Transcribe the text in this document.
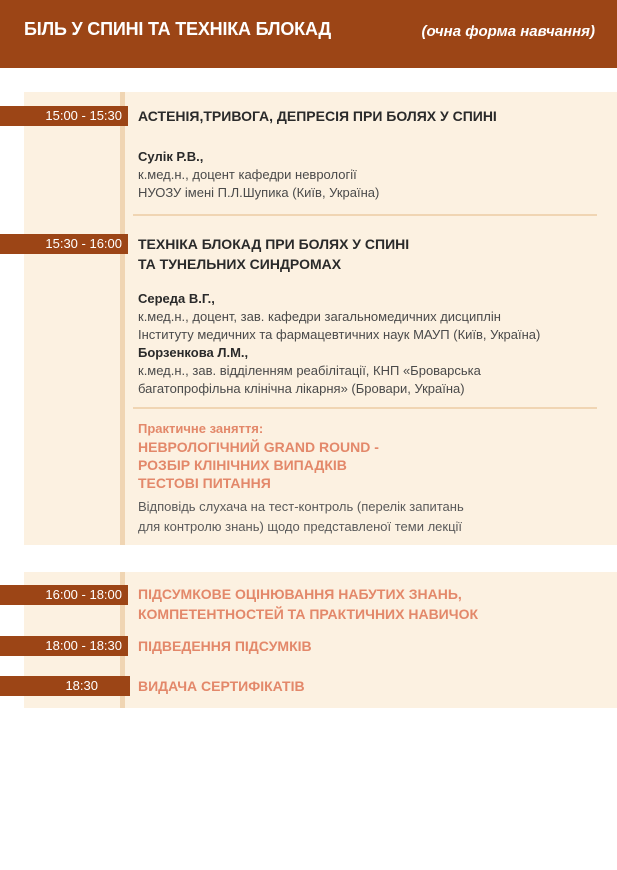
БІЛЬ У СПИНІ ТА ТЕХНІКА БЛОКАД	(очна форма навчання)
15:00 - 15:30	АСТЕНІЯ,ТРИВОГА, ДЕПРЕСІЯ ПРИ БОЛЯХ У СПИНІ
Сулік Р.В.,
к.мед.н., доцент кафедри неврології
НУОЗУ імені П.Л.Шупика (Київ, Україна)
15:30 - 16:00	ТЕХНІКА БЛОКАД ПРИ БОЛЯХ У СПИНІ
ТА ТУНЕЛЬНИХ СИНДРОМАХ
Середа В.Г.,
к.мед.н., доцент, зав. кафедри загальномедичних дисциплін
Інституту медичних та фармацевтичних наук МАУП (Київ, Україна)
Борзенкова Л.М.,
к.мед.н., зав. відділенням реабілітації, КНП «Броварська
багатопрофільна клінічна лікарня» (Бровари, Україна)
Практичне заняття:
НЕВРОЛОГІЧНИЙ GRAND ROUND -
РОЗБІР КЛІНІЧНИХ ВИПАДКІВ
ТЕСТОВІ ПИТАННЯ
Відповідь слухача на тест-контроль (перелік запитань
для контролю знань) щодо представленої теми лекції
16:00 - 18:00	ПІДСУМКОВЕ ОЦІНЮВАННЯ НАБУТИХ ЗНАНЬ,
КОМПЕТЕНТНОСТЕЙ ТА ПРАКТИЧНИХ НАВИЧОК
18:00 - 18:30	ПІДВЕДЕННЯ ПІДСУМКІВ
18:30	ВИДАЧА СЕРТИФІКАТІВ
